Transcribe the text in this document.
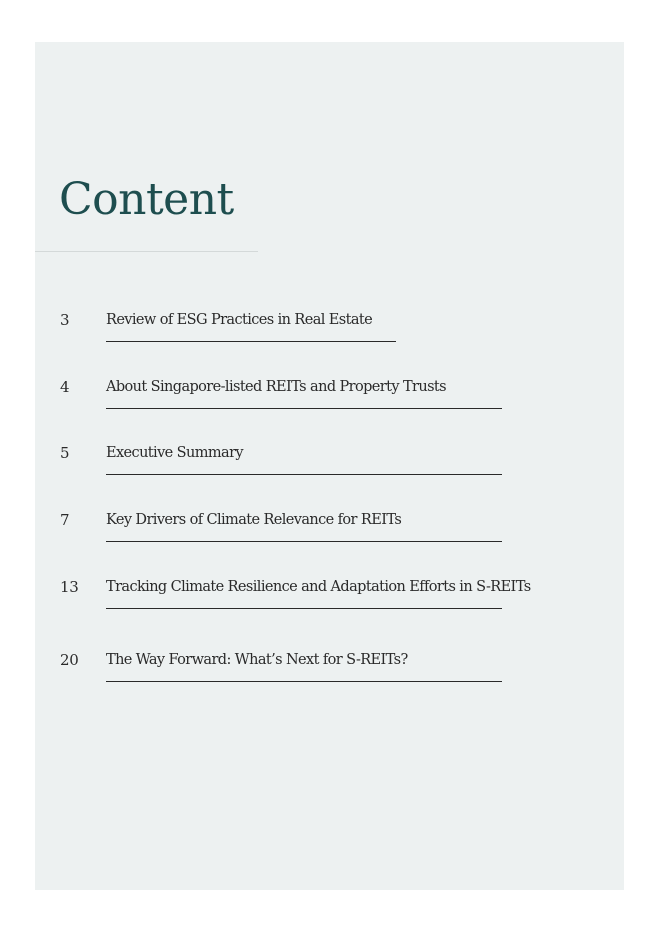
Content
3	Review of ESG Practices in Real Estate
4	About Singapore-listed REITs and Property Trusts
5	Executive Summary
7	Key Drivers of Climate Relevance for REITs
13 Tracking Climate Resilience and Adaptation Efforts in S-REITs
20 The Way Forward: What’s Next for S-REITs?
